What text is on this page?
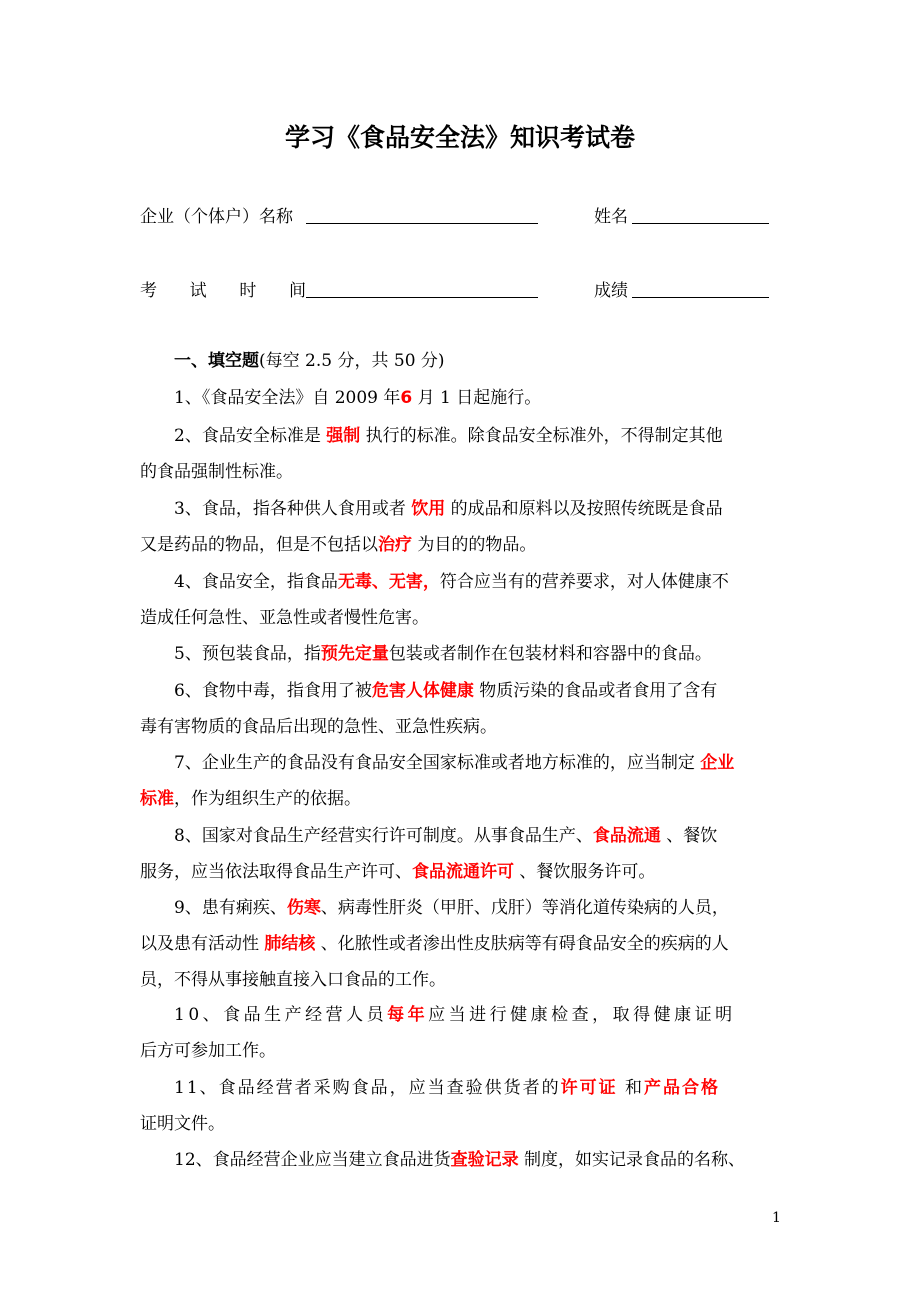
学习《食品安全法》知识考试卷
企业（个体户）名称	姓名
考 试 时 间	成绩
一、填空题(每空 2.5 分，共 50 分)
1、《食品安全法》自 2009 年6 月 1 日起施行。
2、食品安全标准是 强制 执行的标准。除食品安全标准外，不得制定其他
的食品强制性标准。
3、食品，指各种供人食用或者 饮用 的成品和原料以及按照传统既是食品
又是药品的物品，但是不包括以治疗 为目的的物品。
4、食品安全，指食品无毒、无害，符合应当有的营养要求，对人体健康不
造成任何急性、亚急性或者慢性危害。
5、预包装食品，指预先定量包装或者制作在包装材料和容器中的食品。
6、食物中毒，指食用了被危害人体健康 物质污染的食品或者食用了含有
毒有害物质的食品后出现的急性、亚急性疾病。
7、企业生产的食品没有食品安全国家标准或者地方标准的，应当制定 企业
标准，作为组织生产的依据。
8、国家对食品生产经营实行许可制度。从事食品生产、食品流通 、餐饮
服务，应当依法取得食品生产许可、食品流通许可 、餐饮服务许可。
9、患有痢疾、伤寒、病毒性肝炎（甲肝、戊肝）等消化道传染病的人员，
以及患有活动性 肺结核 、化脓性或者渗出性皮肤病等有碍食品安全的疾病的人
员，不得从事接触直接入口食品的工作。
10、食品生产经营人员每年应当进行健康检查，取得健康证明
后方可参加工作。
11、食品经营者采购食品，应当查验供货者的许可证 和产品合格
证明文件。
12、食品经营企业应当建立食品进货查验记录 制度，如实记录食品的名称、
1
